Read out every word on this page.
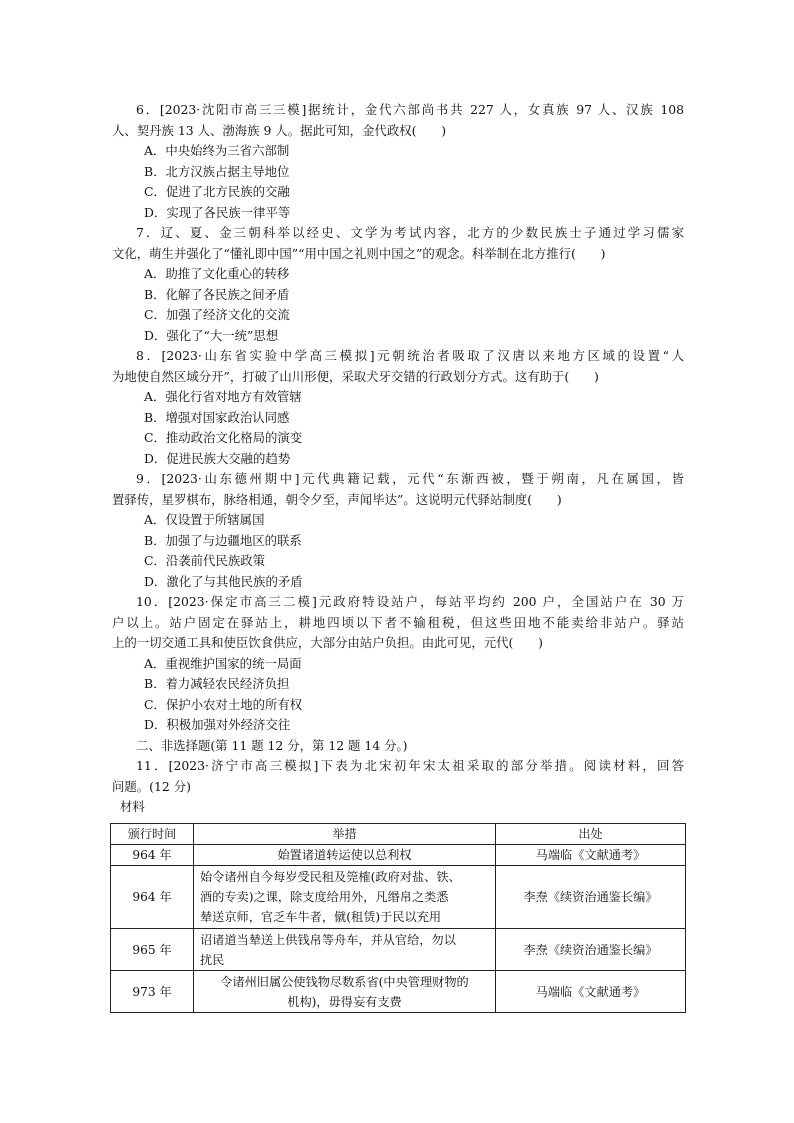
6．[2023·沈阳市高三三模]据统计，金代六部尚书共 227 人，女真族 97 人、汉族 108
人、契丹族 13 人、渤海族 9 人。据此可知，金代政权(　　)
A．中央始终为三省六部制
B．北方汉族占据主导地位
C．促进了北方民族的交融
D．实现了各民族一律平等
7．辽、夏、金三朝科举以经史、文学为考试内容，北方的少数民族士子通过学习儒家
文化，萌生并强化了“懂礼即中国”“用中国之礼则中国之”的观念。科举制在北方推行(　　)
A．助推了文化重心的转移
B．化解了各民族之间矛盾
C．加强了经济文化的交流
D．强化了“大一统”思想
8．[2023·山东省实验中学高三模拟]元朝统治者吸取了汉唐以来地方区域的设置“人
为地使自然区域分开”，打破了山川形便，采取犬牙交错的行政划分方式。这有助于(　　)
A．强化行省对地方有效管辖
B．增强对国家政治认同感
C．推动政治文化格局的演变
D．促进民族大交融的趋势
9．[2023·山东德州期中]元代典籍记载，元代“东渐西被，暨于朔南，凡在属国，皆
置驿传，星罗棋布，脉络相通，朝令夕至，声闻毕达”。这说明元代驿站制度(　　)
A．仅设置于所辖属国
B．加强了与边疆地区的联系
C．沿袭前代民族政策
D．激化了与其他民族的矛盾
10．[2023·保定市高三二模]元政府特设站户，每站平均约 200 户，全国站户在 30 万
户以上。站户固定在驿站上，耕地四顷以下者不输租税，但这些田地不能卖给非站户。驿站
上的一切交通工具和使臣饮食供应，大部分由站户负担。由此可见，元代(　　)
A．重视维护国家的统一局面
B．着力减轻农民经济负担
C．保护小农对土地的所有权
D．积极加强对外经济交往
二、非选择题(第 11 题 12 分，第 12 题 14 分。)
11．[2023·济宁市高三模拟]下表为北宋初年宋太祖采取的部分举措。阅读材料，回答
问题。(12 分)
材料
颁行时间	举措	出处
964 年	始置诸道转运使以总利权	马端临《文献通考》
964 年	始令诸州自今每岁受民租及筦榷(政府对盐、铁、
酒的专卖)之课，除支度给用外，凡缗帛之类悉
辇送京师，官乏车牛者，僦(租赁)于民以充用	李焘《续资治通鉴长编》
965 年	诏诸道当辇送上供钱帛等舟车，并从官给，勿以
扰民	李焘《续资治通鉴长编》
973 年	令诸州旧属公使钱物尽数系省(中央管理财物的
机构)，毋得妄有支费	马端临《文献通考》
